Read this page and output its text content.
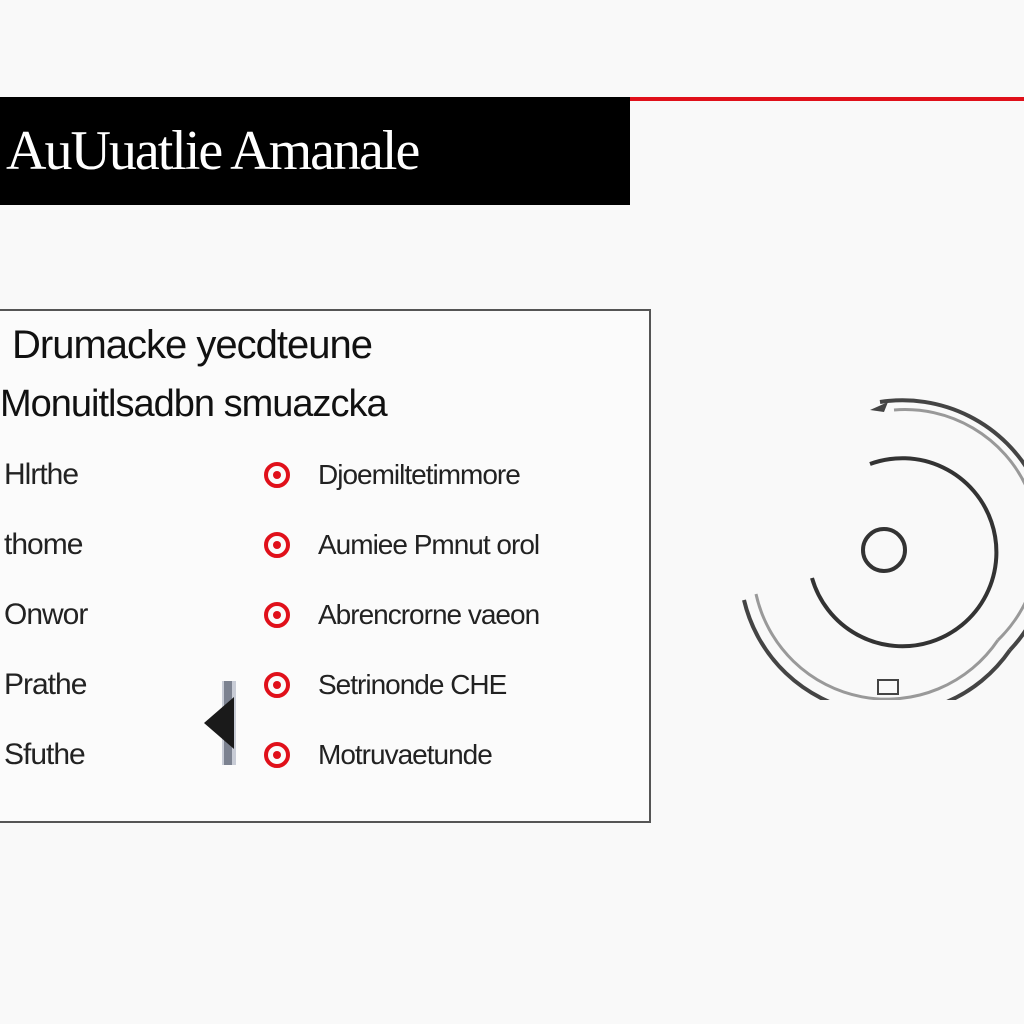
AuUuatlie Amanale
Drumacke yecdteune
Monuitlsadbn smuazcka
Hlrthe
thome
Onwor
Prathe
Sfuthe
Djoemiltetimmore
Aumiee Pmnut orol
Abrencrorne vaeon
Setrinonde CHE
Motruvaetunde
